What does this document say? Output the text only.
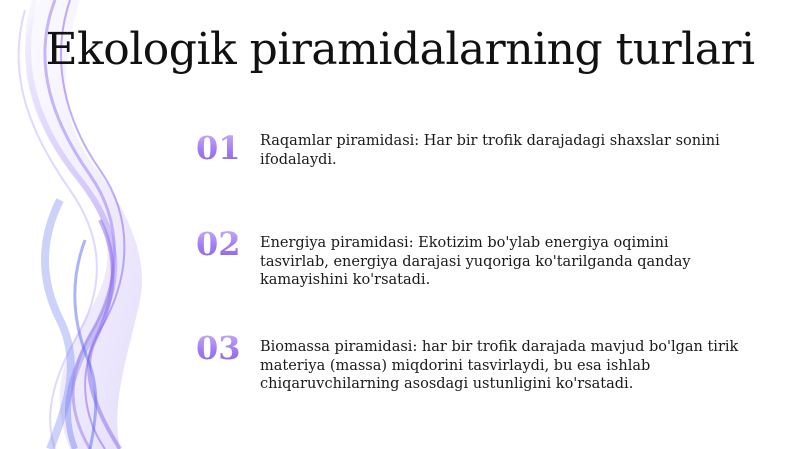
Ekologik piramidalarning turlari
01	Raqamlar piramidasi: Har bir trofik darajadagi shaxslar sonini ifodalaydi.
02	Energiya piramidasi: Ekotizim bo'ylab energiya oqimini tasvirlab, energiya darajasi yuqoriga ko'tarilganda qanday kamayishini ko'rsatadi.
03	Biomassa piramidasi: har bir trofik darajada mavjud bo'lgan tirik materiya (massa) miqdorini tasvirlaydi, bu esa ishlab chiqaruvchilarning asosdagi ustunligini ko'rsatadi.
